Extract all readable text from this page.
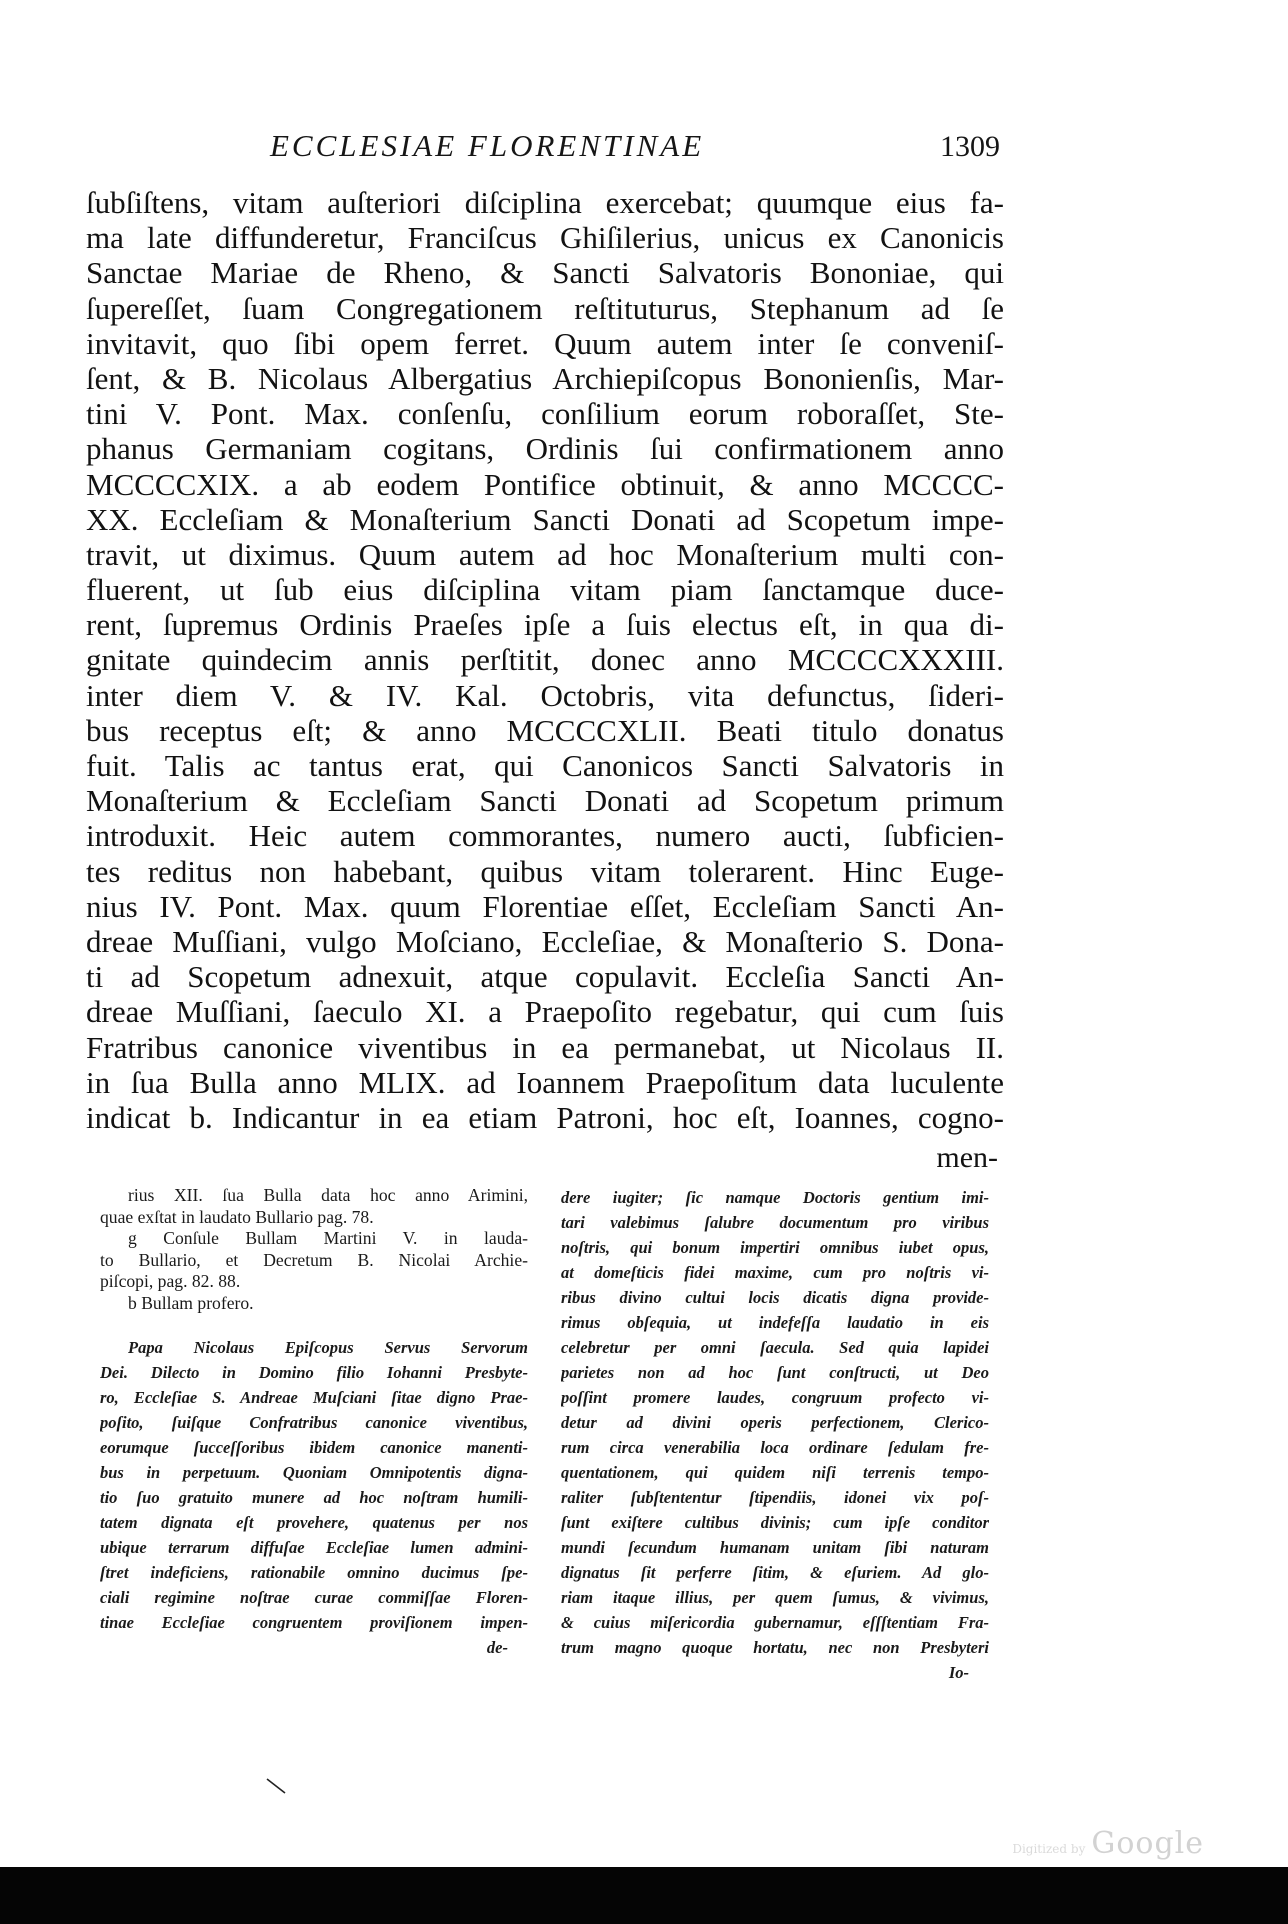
ECCLESIAE FLORENTINAE	1309
ſubſiſtens, vitam auſteriori diſciplina exercebat; quumque eius fa-
ma late diffunderetur, Franciſcus Ghiſilerius, unicus ex Canonicis
Sanctae Mariae de Rheno, & Sancti Salvatoris Bononiae, qui
ſupereſſet, ſuam Congregationem reſtituturus, Stephanum ad ſe
invitavit, quo ſibi opem ferret. Quum autem inter ſe conveniſ-
ſent, & B. Nicolaus Albergatius Archiepiſcopus Bononienſis, Mar-
tini V. Pont. Max. conſenſu, conſilium eorum roboraſſet, Ste-
phanus Germaniam cogitans, Ordinis ſui confirmationem anno
MCCCCXIX. a ab eodem Pontifice obtinuit, & anno MCCCC-
XX. Eccleſiam & Monaſterium Sancti Donati ad Scopetum impe-
travit, ut diximus. Quum autem ad hoc Monaſterium multi con-
fluerent, ut ſub eius diſciplina vitam piam ſanctamque duce-
rent, ſupremus Ordinis Praeſes ipſe a ſuis electus eſt, in qua di-
gnitate quindecim annis perſtitit, donec anno MCCCCXXXIII.
inter diem V. & IV. Kal. Octobris, vita defunctus, ſideri-
bus receptus eſt; & anno MCCCCXLII. Beati titulo donatus
fuit. Talis ac tantus erat, qui Canonicos Sancti Salvatoris in
Monaſterium & Eccleſiam Sancti Donati ad Scopetum primum
introduxit. Heic autem commorantes, numero aucti, ſubficien-
tes reditus non habebant, quibus vitam tolerarent. Hinc Euge-
nius IV. Pont. Max. quum Florentiae eſſet, Eccleſiam Sancti An-
dreae Muſſiani, vulgo Moſciano, Eccleſiae, & Monaſterio S. Dona-
ti ad Scopetum adnexuit, atque copulavit. Eccleſia Sancti An-
dreae Muſſiani, ſaeculo XI. a Praepoſito regebatur, qui cum ſuis
Fratribus canonice viventibus in ea permanebat, ut Nicolaus II.
in ſua Bulla anno MLIX. ad Ioannem Praepoſitum data luculente
indicat b. Indicantur in ea etiam Patroni, hoc eſt, Ioannes, cogno-
men-
rius XII. ſua Bulla data hoc anno Arimini,
quae exſtat in laudato Bullario pag. 78.
g Conſule Bullam Martini V. in lauda-
to Bullario, et Decretum B. Nicolai Archie-
piſcopi, pag. 82. 88.
b Bullam profero.
Papa Nicolaus Epiſcopus Servus Servorum
Dei. Dilecto in Domino filio Iohanni Presbyte-
ro, Eccleſiae S. Andreae Muſciani ſitae digno Prae-
poſito, ſuiſque Confratribus canonice viventibus,
eorumque ſucceſſoribus ibidem canonice manenti-
bus in perpetuum. Quoniam Omnipotentis digna-
tio ſuo gratuito munere ad hoc noſtram humili-
tatem dignata eſt provehere, quatenus per nos
ubique terrarum diffuſae Eccleſiae lumen admini-
ſtret indeficiens, rationabile omnino ducimus ſpe-
ciali regimine noſtrae curae commiſſae Floren-
tinae Eccleſiae congruentem proviſionem impen-
de-
dere iugiter; ſic namque Doctoris gentium imi-
tari valebimus ſalubre documentum pro viribus
noſtris, qui bonum impertiri omnibus iubet opus,
at domeſticis fidei maxime, cum pro noſtris vi-
ribus divino cultui locis dicatis digna provide-
rimus obſequia, ut indefeſſa laudatio in eis
celebretur per omni ſaecula. Sed quia lapidei
parietes non ad hoc ſunt conſtructi, ut Deo
poſſint promere laudes, congruum profecto vi-
detur ad divini operis perfectionem, Clerico-
rum circa venerabilia loca ordinare ſedulam fre-
quentationem, qui quidem niſi terrenis tempo-
raliter ſubſtententur ſtipendiis, idonei vix poſ-
ſunt exiſtere cultibus divinis; cum ipſe conditor
mundi ſecundum humanam unitam ſibi naturam
dignatus ſit perferre ſitim, & eſuriem. Ad glo-
riam itaque illius, per quem ſumus, & vivimus,
& cuius miſericordia gubernamur, eſſſtentiam Fra-
trum magno quoque hortatu, nec non Presbyteri
Io-
Digitized by Google
